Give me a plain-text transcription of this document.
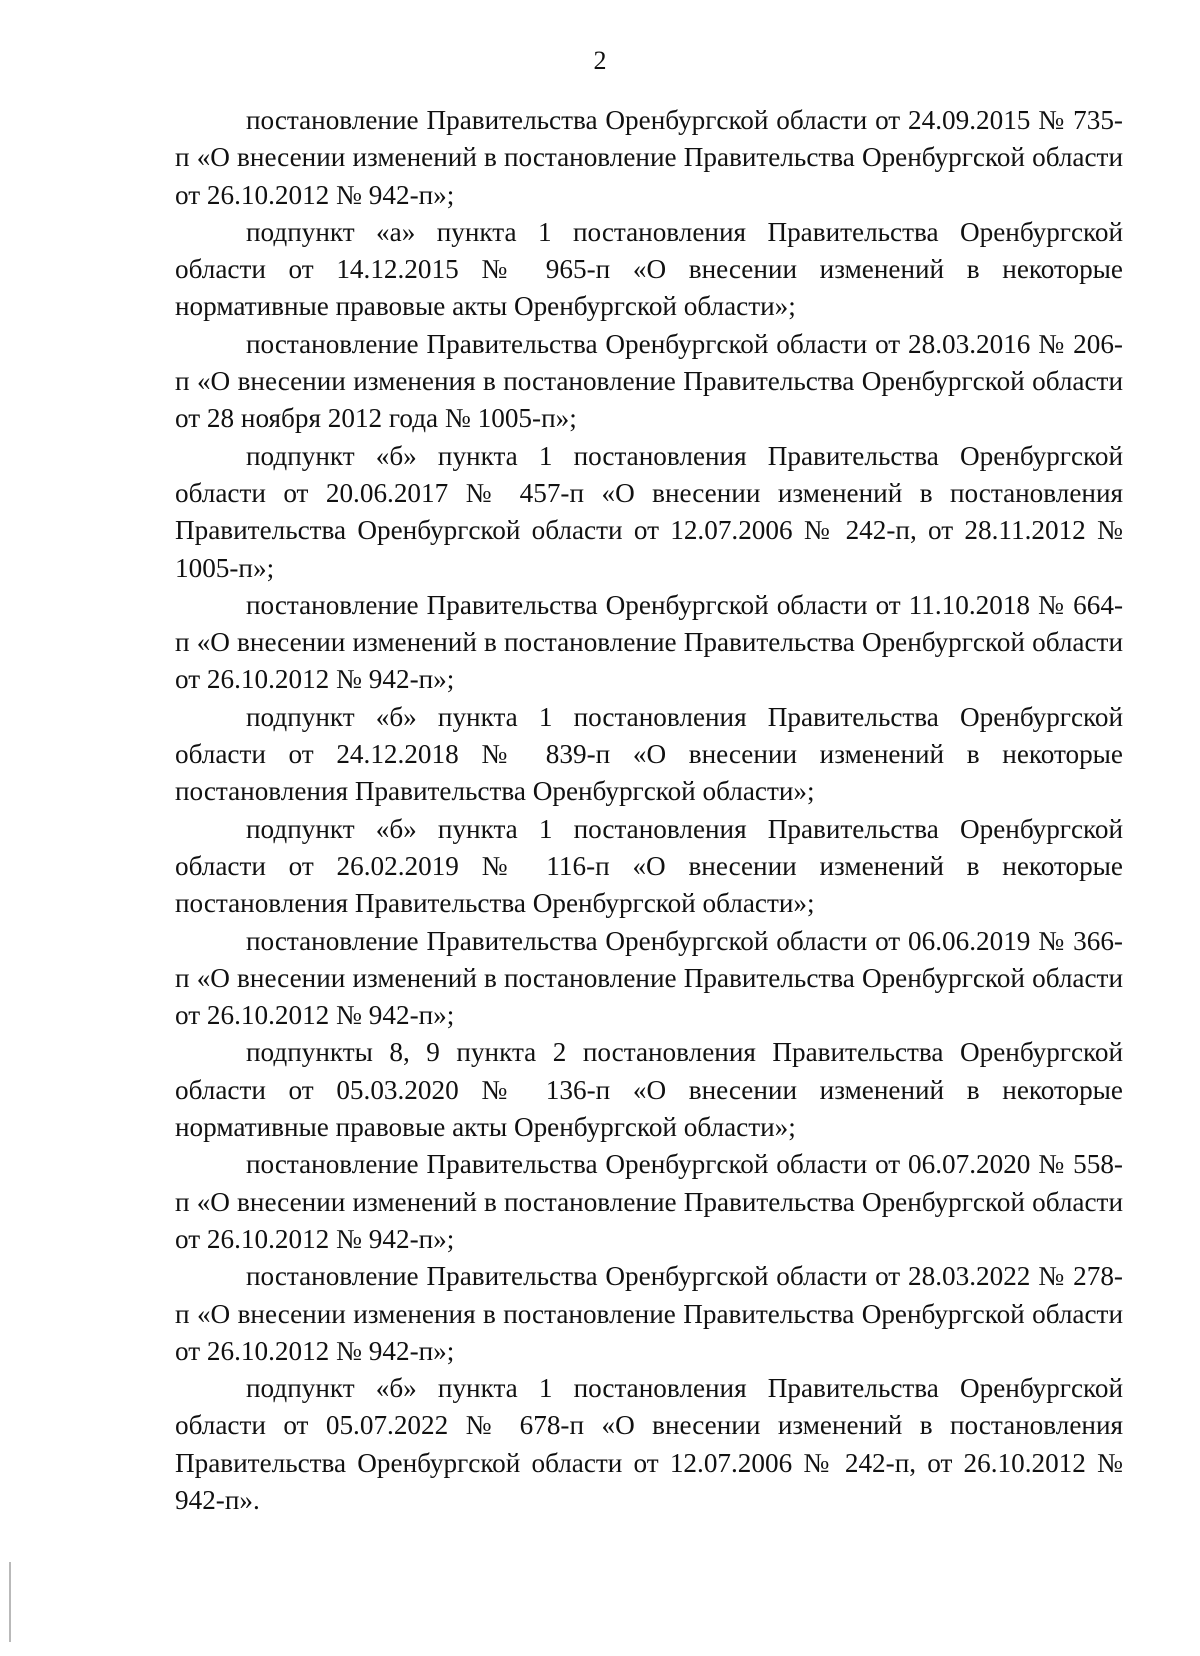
2

постановление Правительства Оренбургской области от 24.09.2015 № 735-п «О внесении изменений в постановление Правительства Оренбургской области от 26.10.2012 № 942-п»;

подпункт «а» пункта 1 постановления Правительства Оренбургской области от 14.12.2015 № 965-п «О внесении изменений в некоторые нормативные правовые акты Оренбургской области»;

постановление Правительства Оренбургской области от 28.03.2016 № 206-п «О внесении изменения в постановление Правительства Оренбургской области от 28 ноября 2012 года № 1005-п»;

подпункт «б» пункта 1 постановления Правительства Оренбургской области от 20.06.2017 № 457-п «О внесении изменений в постановления Правительства Оренбургской области от 12.07.2006 № 242-п, от 28.11.2012 № 1005-п»;

постановление Правительства Оренбургской области от 11.10.2018 № 664-п «О внесении изменений в постановление Правительства Оренбургской области от 26.10.2012 № 942-п»;

подпункт «б» пункта 1 постановления Правительства Оренбургской области от 24.12.2018 № 839-п «О внесении изменений в некоторые постановления Правительства Оренбургской области»;

подпункт «б» пункта 1 постановления Правительства Оренбургской области от 26.02.2019 № 116-п «О внесении изменений в некоторые постановления Правительства Оренбургской области»;

постановление Правительства Оренбургской области от 06.06.2019 № 366-п «О внесении изменений в постановление Правительства Оренбургской области от 26.10.2012 № 942-п»;

подпункты 8, 9 пункта 2 постановления Правительства Оренбургской области от 05.03.2020 № 136-п «О внесении изменений в некоторые нормативные правовые акты Оренбургской области»;

постановление Правительства Оренбургской области от 06.07.2020 № 558-п «О внесении изменений в постановление Правительства Оренбургской области от 26.10.2012 № 942-п»;

постановление Правительства Оренбургской области от 28.03.2022 № 278-п «О внесении изменения в постановление Правительства Оренбургской области от 26.10.2012 № 942-п»;

подпункт «б» пункта 1 постановления Правительства Оренбургской области от 05.07.2022 № 678-п «О внесении изменений в постановления Правительства Оренбургской области от 12.07.2006 № 242-п, от 26.10.2012 № 942-п».
